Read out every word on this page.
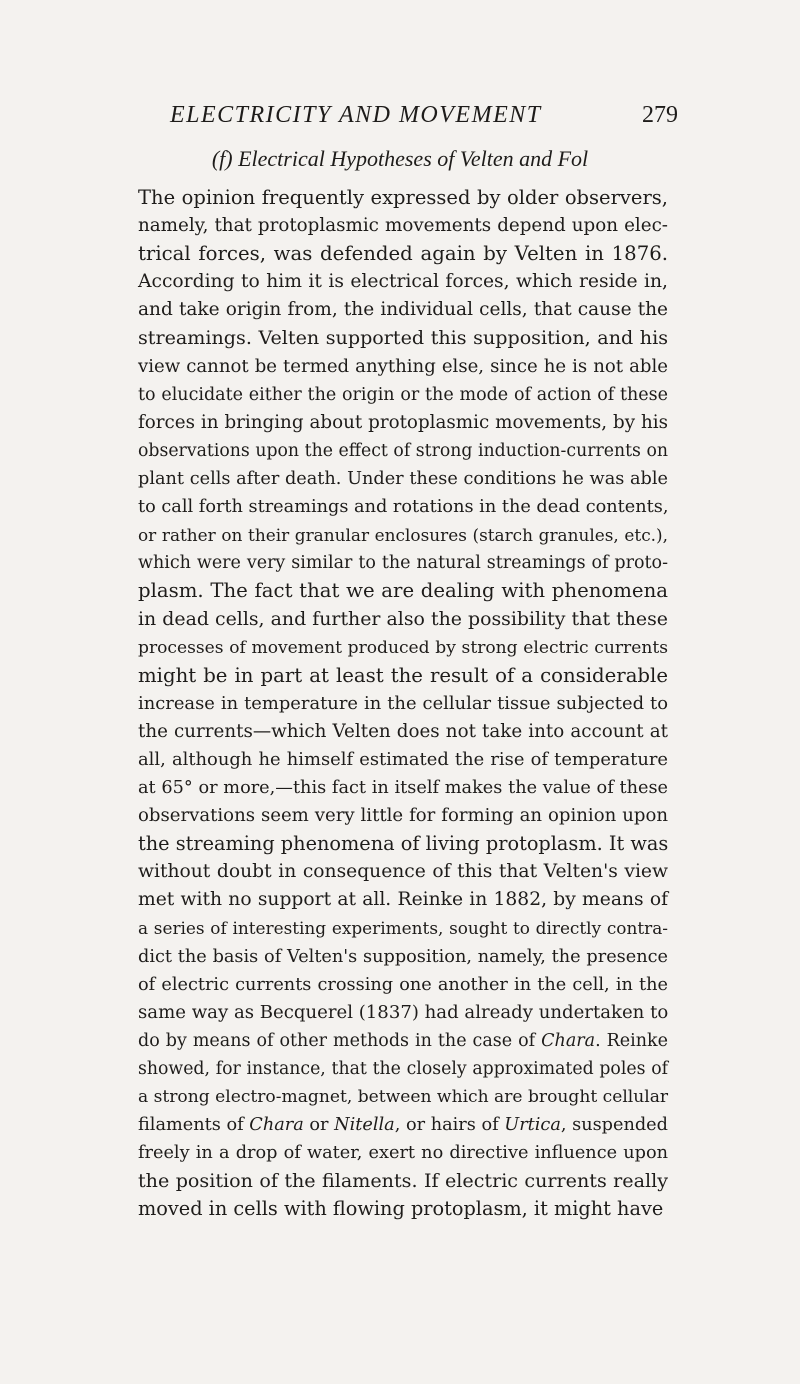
ELECTRICITY AND MOVEMENT	279
(f) Electrical Hypotheses of Velten and Fol
The opinion frequently expressed by older observers,
namely, that protoplasmic movements depend upon elec-
trical forces, was defended again by Velten in 1876.
According to him it is electrical forces, which reside in,
and take origin from, the individual cells, that cause the
streamings. Velten supported this supposition, and his
view cannot be termed anything else, since he is not able
to elucidate either the origin or the mode of action of these
forces in bringing about protoplasmic movements, by his
observations upon the effect of strong induction-currents on
plant cells after death. Under these conditions he was able
to call forth streamings and rotations in the dead contents,
or rather on their granular enclosures (starch granules, etc.),
which were very similar to the natural streamings of proto-
plasm. The fact that we are dealing with phenomena
in dead cells, and further also the possibility that these
processes of movement produced by strong electric currents
might be in part at least the result of a considerable
increase in temperature in the cellular tissue subjected to
the currents—which Velten does not take into account at
all, although he himself estimated the rise of temperature
at 65° or more,—this fact in itself makes the value of these
observations seem very little for forming an opinion upon
the streaming phenomena of living protoplasm. It was
without doubt in consequence of this that Velten's view
met with no support at all. Reinke in 1882, by means of
a series of interesting experiments, sought to directly contra-
dict the basis of Velten's supposition, namely, the presence
of electric currents crossing one another in the cell, in the
same way as Becquerel (1837) had already undertaken to
do by means of other methods in the case of Chara. Reinke
showed, for instance, that the closely approximated poles of
a strong electro-magnet, between which are brought cellular
filaments of Chara or Nitella, or hairs of Urtica, suspended
freely in a drop of water, exert no directive influence upon
the position of the filaments. If electric currents really
moved in cells with flowing protoplasm, it might have
